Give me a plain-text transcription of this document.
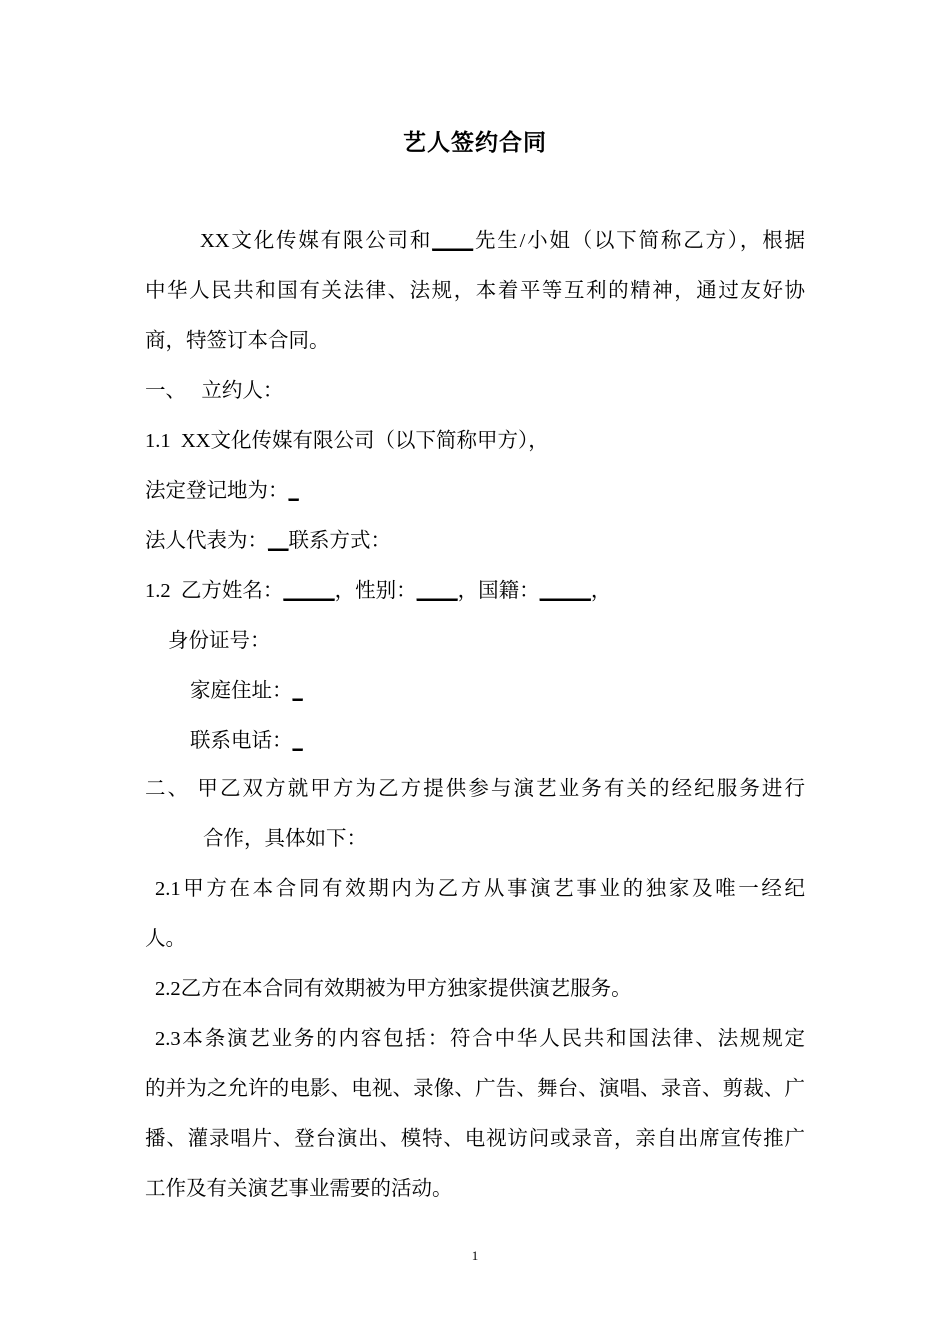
艺人签约合同
XX文化传媒有限公司和____先生/小姐（以下简称乙方），根据
中华人民共和国有关法律、法规，本着平等互利的精神，通过友好协
商，特签订本合同。
一、   立约人：
1.1  XX文化传媒有限公司（以下简称甲方），
法定登记地为：_
法人代表为：__联系方式：
1.2  乙方姓名：_____，性别：____，国籍：_____，
身份证号：
家庭住址：_
联系电话：_
二、 甲乙双方就甲方为乙方提供参与演艺业务有关的经纪服务进行
合作，具体如下：
2.1甲方在本合同有效期内为乙方从事演艺事业的独家及唯一经纪
人。
2.2乙方在本合同有效期被为甲方独家提供演艺服务。
2.3本条演艺业务的内容包括：符合中华人民共和国法律、法规规定
的并为之允许的电影、电视、录像、广告、舞台、演唱、录音、剪裁、广
播、灌录唱片、登台演出、模特、电视访问或录音，亲自出席宣传推广
工作及有关演艺事业需要的活动。
1
